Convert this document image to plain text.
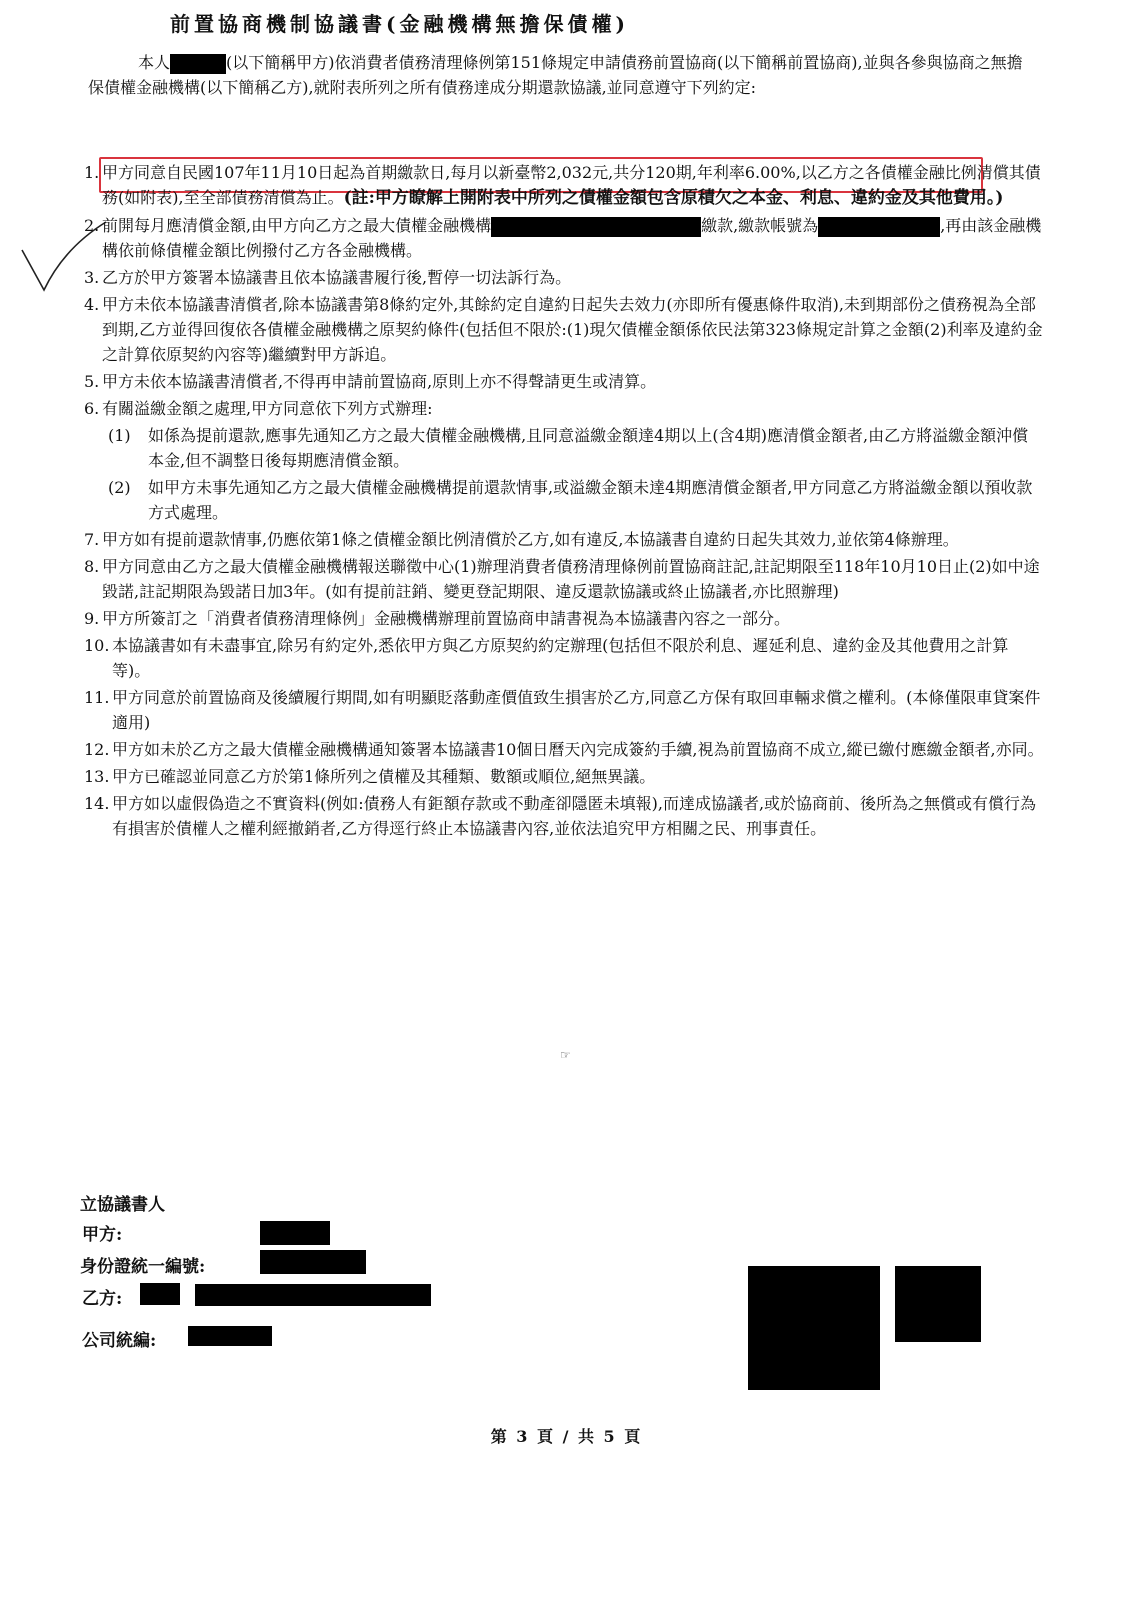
前置協商機制協議書(金融機構無擔保債權)
本人	(以下簡稱甲方)依消費者債務清理條例第151條規定申請債務前置協商(以下簡稱前置協商),並與各參與協商之無擔保債權金融機構(以下簡稱乙方),就附表所列之所有債務達成分期還款協議,並同意遵守下列約定:
1. 甲方同意自民國107年11月10日起為首期繳款日,每月以新臺幣2,032元,共分120期,年利率6.00%,以乙方之各債權金融比例清償其債務(如附表),至全部債務清償為止。(註:甲方瞭解上開附表中所列之債權金額包含原積欠之本金、利息、違約金及其他費用。)
2. 前開每月應清償金額,由甲方向乙方之最大債權金融機構	繳款,繳款帳號為	,再由該金融機構依前條債權金額比例撥付乙方各金融機構。
3. 乙方於甲方簽署本協議書且依本協議書履行後,暫停一切法訴行為。
4. 甲方未依本協議書清償者,除本協議書第8條約定外,其餘約定自違約日起失去效力(亦即所有優惠條件取消),未到期部份之債務視為全部到期,乙方並得回復依各債權金融機構之原契約條件(包括但不限於:(1)現欠債權金額係依民法第323條規定計算之金額(2)利率及違約金之計算依原契約內容等)繼續對甲方訴追。
5. 甲方未依本協議書清償者,不得再申請前置協商,原則上亦不得聲請更生或清算。
6. 有關溢繳金額之處理,甲方同意依下列方式辦理:
(1)	如係為提前還款,應事先通知乙方之最大債權金融機構,且同意溢繳金額達4期以上(含4期)應清償金額者,由乙方將溢繳金額沖償本金,但不調整日後每期應清償金額。
(2)	如甲方未事先通知乙方之最大債權金融機構提前還款情事,或溢繳金額未達4期應清償金額者,甲方同意乙方將溢繳金額以預收款方式處理。
7. 甲方如有提前還款情事,仍應依第1條之債權金額比例清償於乙方,如有違反,本協議書自違約日起失其效力,並依第4條辦理。
8. 甲方同意由乙方之最大債權金融機構報送聯徵中心(1)辦理消費者債務清理條例前置協商註記,註記期限至118年10月10日止(2)如中途毀諾,註記期限為毀諾日加3年。(如有提前註銷、變更登記期限、違反還款協議或終止協議者,亦比照辦理)
9. 甲方所簽訂之「消費者債務清理條例」金融機構辦理前置協商申請書視為本協議書內容之一部分。
10. 本協議書如有未盡事宜,除另有約定外,悉依甲方與乙方原契約約定辦理(包括但不限於利息、遲延利息、違約金及其他費用之計算等)。
11. 甲方同意於前置協商及後續履行期間,如有明顯貶落動產價值致生損害於乙方,同意乙方保有取回車輛求償之權利。(本條僅限車貸案件適用)
12. 甲方如未於乙方之最大債權金融機構通知簽署本協議書10個日曆天內完成簽約手續,視為前置協商不成立,縱已繳付應繳金額者,亦同。
13. 甲方已確認並同意乙方於第1條所列之債權及其種類、數額或順位,絕無異議。
14. 甲方如以虛假偽造之不實資料(例如:債務人有鉅額存款或不動產卻隱匿未填報),而達成協議者,或於協商前、後所為之無償或有償行為有損害於債權人之權利經撤銷者,乙方得逕行終止本協議書內容,並依法追究甲方相關之民、刑事責任。
☞
立協議書人
甲方:
身份證統一編號:
乙方:
公司統編:
第 3 頁 / 共 5 頁
